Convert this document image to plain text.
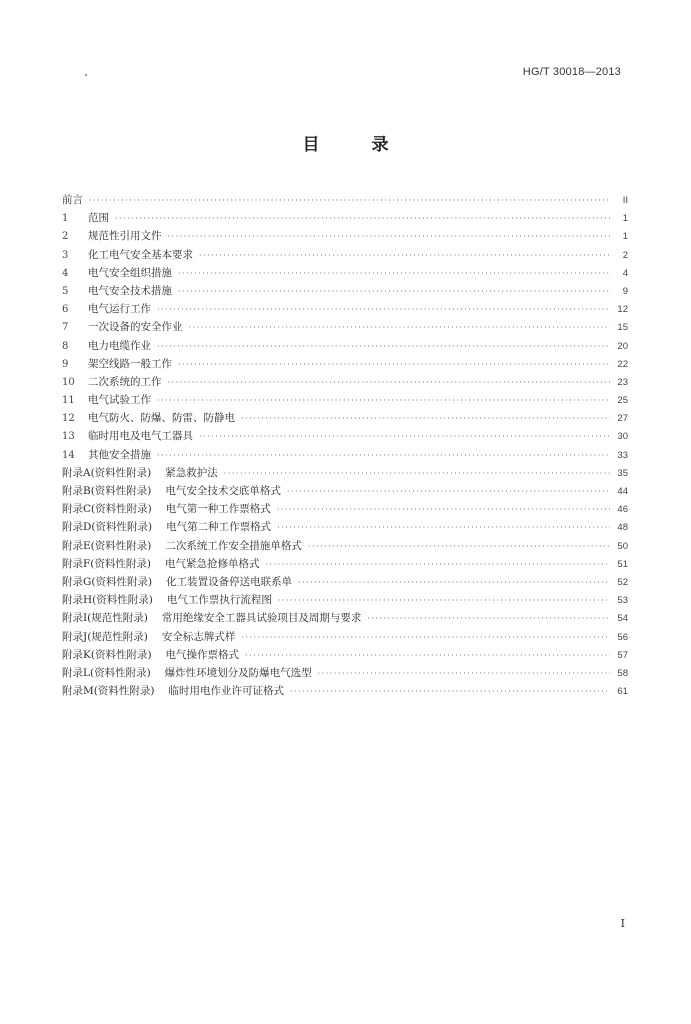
HG/T 30018—2013
目	录
前言 ·····	II
1	范围 ·····	1
2	规范性引用文件 ·····	1
3	化工电气安全基本要求 ·····	2
4	电气安全组织措施 ·····	4
5	电气安全技术措施 ·····	9
6	电气运行工作 ·····	12
7	一次设备的安全作业 ·····	15
8	电力电缆作业 ·····	20
9	架空线路一般工作 ·····	22
10	二次系统的工作 ·····	23
11	电气试验工作 ·····	25
12	电气防火、防爆、防雷、防静电 ·····	27
13	临时用电及电气工器具 ·····	30
14	其他安全措施 ·····	33
附录A(资料性附录) 紧急救护法 ·····	35
附录B(资料性附录) 电气安全技术交底单格式 ·····	44
附录C(资料性附录) 电气第一种工作票格式 ·····	46
附录D(资料性附录) 电气第二种工作票格式 ·····	48
附录E(资料性附录) 二次系统工作安全措施单格式 ·····	50
附录F(资料性附录) 电气紧急抢修单格式 ·····	51
附录G(资料性附录) 化工装置设备停送电联系单 ·····	52
附录H(资料性附录) 电气工作票执行流程图 ·····	53
附录I(规范性附录) 常用绝缘安全工器具试验项目及周期与要求 ·····	54
附录J(规范性附录) 安全标志牌式样 ·····	56
附录K(资料性附录) 电气操作票格式 ·····	57
附录L(资料性附录) 爆炸性环境划分及防爆电气选型 ·····	58
附录M(资料性附录) 临时用电作业许可证格式 ·····	61
I
